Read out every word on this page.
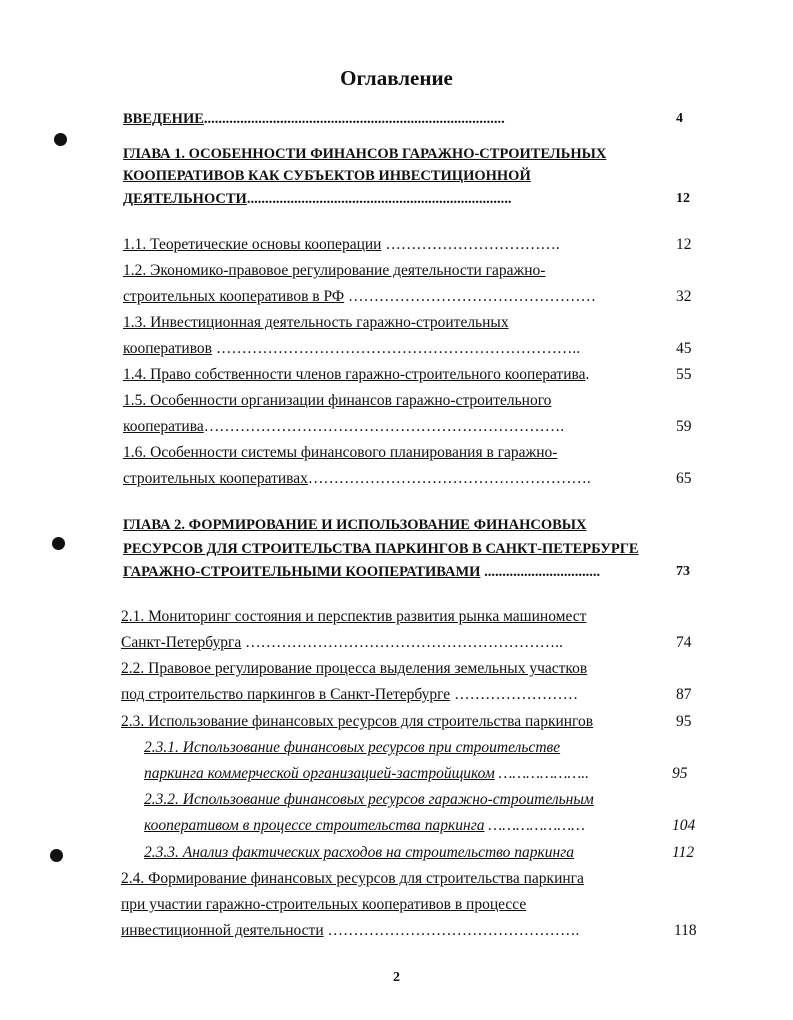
Оглавление
ВВЕДЕНИЕ...................................................................................	4
ГЛАВА 1. ОСОБЕННОСТИ ФИНАНСОВ ГАРАЖНО-СТРОИТЕЛЬНЫХ
КООПЕРАТИВОВ КАК СУБЪЕКТОВ ИНВЕСТИЦИОННОЙ
ДЕЯТЕЛЬНОСТИ.........................................................................	12
1.1. Теоретические основы кооперации …………………………….	12
1.2. Экономико-правовое регулирование деятельности гаражно-
строительных кооперативов в РФ …………………………………………	32
1.3. Инвестиционная деятельность гаражно-строительных
кооперативов ……………………………………………………………..	45
1.4. Право собственности членов гаражно-строительного кооператива.	55
1.5. Особенности организации финансов гаражно-строительного
кооператива…………………………………………………………….	59
1.6. Особенности системы финансового планирования в гаражно-
строительных кооперативах……………………………………………….	65
ГЛАВА 2. ФОРМИРОВАНИЕ И ИСПОЛЬЗОВАНИЕ ФИНАНСОВЫХ
РЕСУРСОВ ДЛЯ СТРОИТЕЛЬСТВА ПАРКИНГОВ В САНКТ-ПЕТЕРБУРГЕ
ГАРАЖНО-СТРОИТЕЛЬНЫМИ КООПЕРАТИВАМИ ................................	73
2.1. Мониторинг состояния и перспектив развития рынка машиномест
Санкт-Петербурга ……………………………………………………..	74
2.2. Правовое регулирование процесса выделения земельных участков
под строительство паркингов в Санкт-Петербурге ……………………	87
2.3. Использование финансовых ресурсов для строительства паркингов	95
2.3.1. Использование финансовых ресурсов при строительстве
паркинга коммерческой организацией-застройщиком ………………..	95
2.3.2. Использование финансовых ресурсов гаражно-строительным
кооперативом в процессе строительства паркинга …………………	104
2.3.3. Анализ фактических расходов на строительство паркинга	112
2.4. Формирование финансовых ресурсов для строительства паркинга
при участии гаражно-строительных кооперативов в процессе
инвестиционной деятельности ………………………………………….	118
2
